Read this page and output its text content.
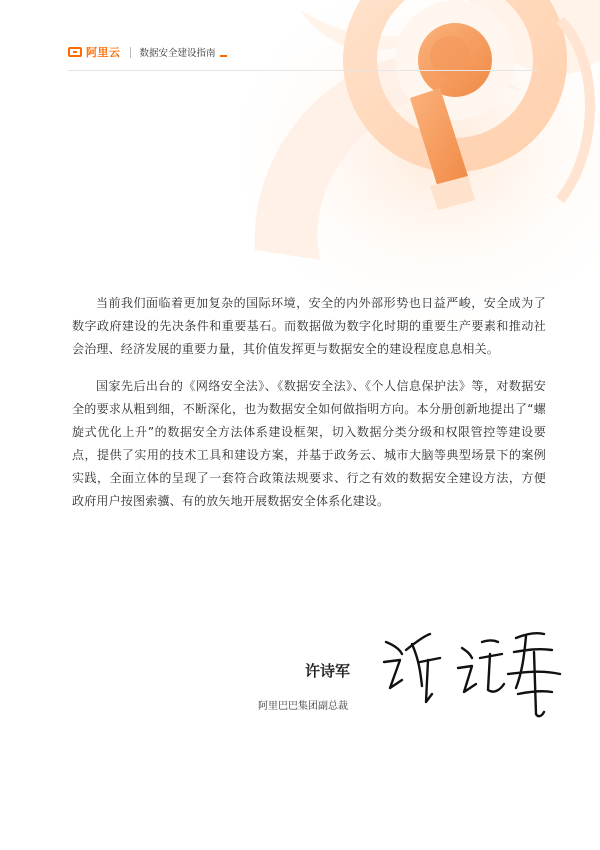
阿里云 数据安全建设指南

当前我们面临着更加复杂的国际环境，安全的内外部形势也日益严峻，安全成为了数字政府建设的先决条件和重要基石。而数据做为数字化时期的重要生产要素和推动社会治理、经济发展的重要力量，其价值发挥更与数据安全的建设程度息息相关。

国家先后出台的《网络安全法》、《数据安全法》、《个人信息保护法》等，对数据安全的要求从粗到细，不断深化，也为数据安全如何做指明方向。本分册创新地提出了“螺旋式优化上升”的数据安全方法体系建设框架，切入数据分类分级和权限管控等建设要点，提供了实用的技术工具和建设方案，并基于政务云、城市大脑等典型场景下的案例实践，全面立体的呈现了一套符合政策法规要求、行之有效的数据安全建设方法，方便政府用户按图索骥、有的放矢地开展数据安全体系化建设。

许诗军
阿里巴巴集团副总裁
